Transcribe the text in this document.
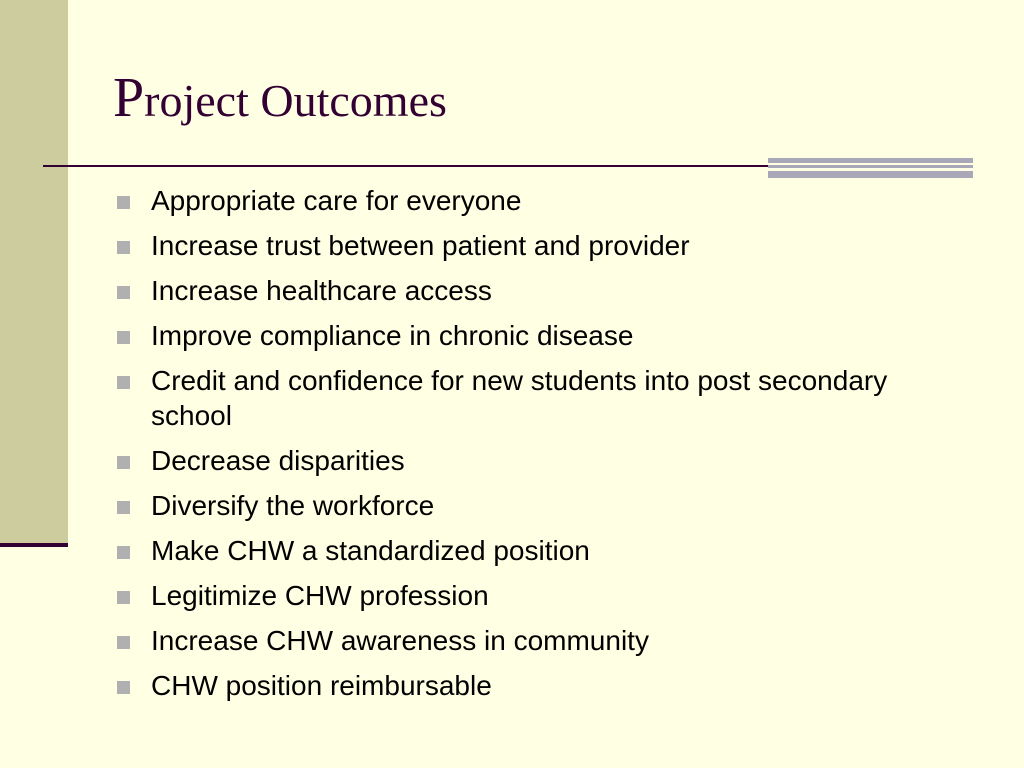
Project Outcomes
Appropriate care for everyone
Increase trust between patient and provider
Increase healthcare access
Improve compliance in chronic disease
Credit and confidence for new students into post secondary school
Decrease disparities
Diversify the workforce
Make CHW a standardized position
Legitimize CHW profession
Increase CHW awareness in community
CHW position reimbursable
